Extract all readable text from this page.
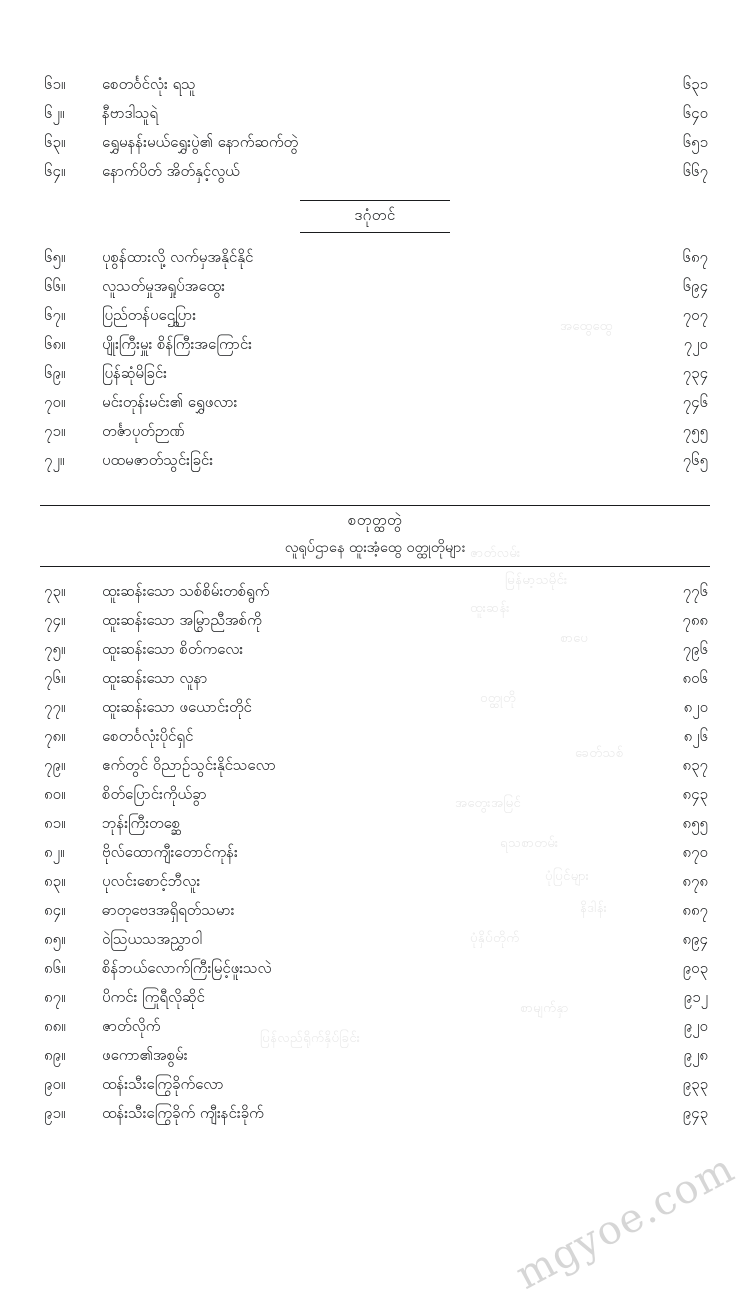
အထွေထွေ
ဇာတ်လမ်း
မြန်မာ့သမိုင်း
ထူးဆန်း
စာပေ
ဝတ္ထုတို
ခေတ်သစ်
အတွေးအမြင်
ရသစာတမ်း
ပုံပြင်များ
နိဒါန်း
ပုံနှိပ်တိုက်
စာမျက်နှာ
ပြန်လည်ရိုက်နှိပ်ခြင်း
၆၁။	စေတင်္ဝင်လုံး ရသူ	၆၃၁
၆၂။	နီဗာဒါသူရဲ	၆၄၀
၆၃။	ရွှေမနန်းမယ်ရွှေးပွဲ၏ နောက်ဆက်တွဲ	၆၅၁
၆၄။	နောက်ပိတ် အိတ်နှင့်လွယ်	၆၆၇
ဒဂုံတင်
၆၅။	ပုစွန်ထားလို့ လက်မှအနိုင်နိုင်	၆၈၇
၆၆။	လူသတ်မှုအရှုပ်အထွေး	၆၉၄
၆၇။	ပြည်တန်ပဌွေပြား	၇၀၇
၆၈။	ပျိုးကြီးမှူး စိန်ကြီးအကြောင်း	၇၂၀
၆၉။	ပြန်ဆုံမိခြင်း	၇၃၄
၇၀။	မင်းတုန်းမင်း၏ ရွှေဖလား	၇၄၆
၇၁။	တင်္ဇာပုတ်ဉာဏ်	၇၅၅
၇၂။	ပထမဇာတ်သွင်းခြင်း	၇၆၅
စတုတ္ထတွဲ
လူရုပ်ဌာနေ ထူးအံ့ထွေ ဝတ္ထုတိုများ
၇၃။	ထူးဆန်းသော သစ်စိမ်းတစ်ရွက်	၇၇၆
၇၄။	ထူးဆန်းသော အမြွာညီအစ်ကို	၇၈၈
၇၅။	ထူးဆန်းသော စိတ်ကလေး	၇၉၆
၇၆။	ထူးဆန်းသော လူနာ	၈၀၆
၇၇။	ထူးဆန်းသော ဖယောင်းတိုင်	၈၂၀
၇၈။	စေတင်္ဝလုံးပိုင်ရှင်	၈၂၆
၇၉။	ဧက်တွင် ဝိညာဉ်သွင်းနိုင်သလော	၈၃၇
၈၀။	စိတ်ပြောင်းကိုယ်ခွာ	၈၄၃
၈၁။	ဘုန်းကြီးတစ္ဆေ	၈၅၅
၈၂။	ဗိုလ်ထောကျီးတောင်ကုန်း	၈၇၀
၈၃။	ပုလင်းစောင့်ဘီလူး	၈၇၈
၈၄။	ဓာတုဗေဒအရှိရတ်သမား	၈၈၇
၈၅။	ဝဲဩယသအညွှာဝါ	၈၉၄
၈၆။	စိန်ဘယ်လောက်ကြီးမြင့်ဖူးသလဲ	၉၀၃
၈၇။	ပိကင်း ကြုရီလိုဆိုင်	၉၁၂
၈၈။	ဇာတ်လိုက်	၉၂၀
၈၉။	ဖကော၏အစွမ်း	၉၂၈
၉၀။	ထန်းသီးကြွေခိုက်လော	၉၃၃
၉၁။	ထန်းသီးကြွေခိုက် ကျီးနင်းခိုက်	၉၄၃
mgyoe.com
